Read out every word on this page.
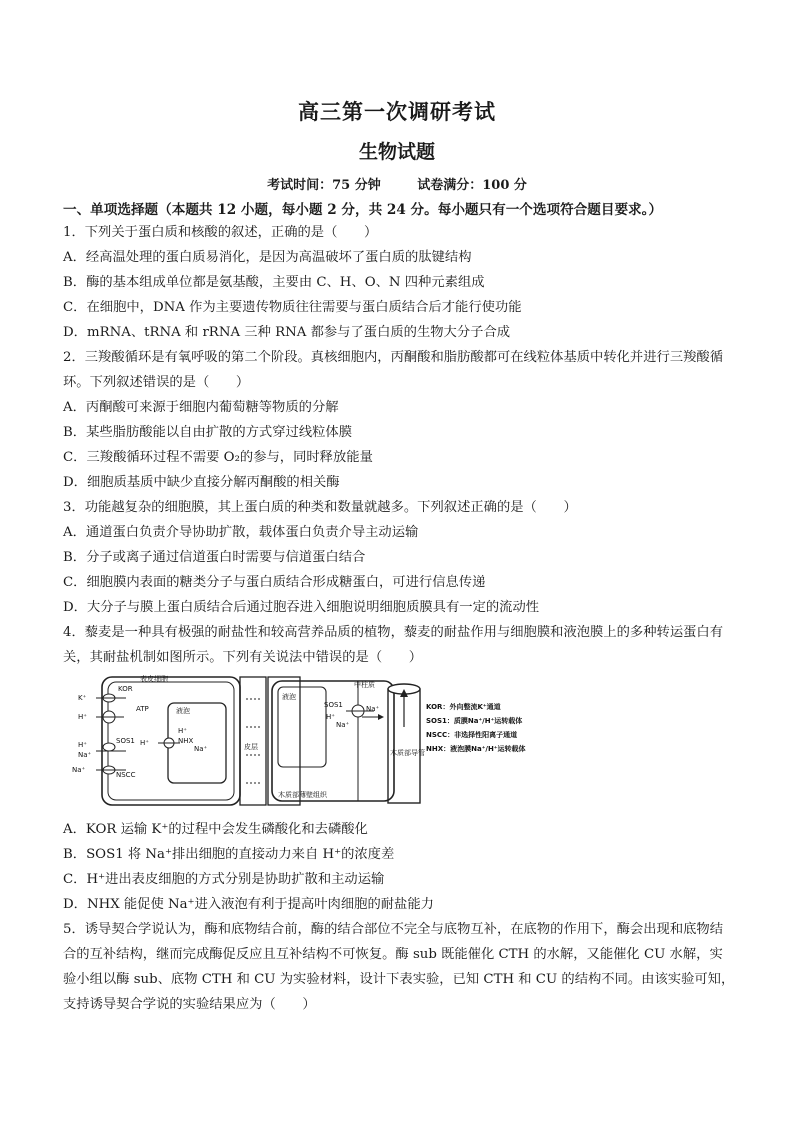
高三第一次调研考试
生物试题
考试时间：75 分钟	试卷满分：100 分
一、单项选择题（本题共 12 小题，每小题 2 分，共 24 分。每小题只有一个选项符合题目要求。）
1．下列关于蛋白质和核酸的叙述，正确的是（　　）
A．经高温处理的蛋白质易消化，是因为高温破坏了蛋白质的肽键结构
B．酶的基本组成单位都是氨基酸，主要由 C、H、O、N 四种元素组成
C．在细胞中，DNA 作为主要遗传物质往往需要与蛋白质结合后才能行使功能
D．mRNA、tRNA 和 rRNA 三种 RNA 都参与了蛋白质的生物大分子合成
2．三羧酸循环是有氧呼吸的第二个阶段。真核细胞内，丙酮酸和脂肪酸都可在线粒体基质中转化并进行三羧酸循环。下列叙述错误的是（　　）
A．丙酮酸可来源于细胞内葡萄糖等物质的分解
B．某些脂肪酸能以自由扩散的方式穿过线粒体膜
C．三羧酸循环过程不需要 O₂的参与，同时释放能量
D．细胞质基质中缺少直接分解丙酮酸的相关酶
3．功能越复杂的细胞膜，其上蛋白质的种类和数量就越多。下列叙述正确的是（　　）
A．通道蛋白负责介导协助扩散，载体蛋白负责介导主动运输
B．分子或离子通过信道蛋白时需要与信道蛋白结合
C．细胞膜内表面的糖类分子与蛋白质结合形成糖蛋白，可进行信息传递
D．大分子与膜上蛋白质结合后通过胞吞进入细胞说明细胞质膜具有一定的流动性
4．藜麦是一种具有极强的耐盐性和较高营养品质的植物，藜麦的耐盐作用与细胞膜和液泡膜上的多种转运蛋白有关，其耐盐机制如图所示。下列有关说法中错误的是（　　）
表皮细胞
液泡
液泡
皮层
中柱质
木质部导管
木质部薄壁组织
KOR
SOS1
SOS1
NSCC
NHX
ATP
K⁺
H⁺
H⁺
Na⁺
Na⁺
H⁺
Na⁺
H⁺
Na⁺
H⁺
Na⁺
KOR：外向整流K⁺通道
SOS1：质膜Na⁺/H⁺运转载体
NSCC：非选择性阳离子通道
NHX：液泡膜Na⁺/H⁺运转载体
A．KOR 运输 K⁺的过程中会发生磷酸化和去磷酸化
B．SOS1 将 Na⁺排出细胞的直接动力来自 H⁺的浓度差
C．H⁺进出表皮细胞的方式分别是协助扩散和主动运输
D．NHX 能促使 Na⁺进入液泡有利于提高叶肉细胞的耐盐能力
5．诱导契合学说认为，酶和底物结合前，酶的结合部位不完全与底物互补，在底物的作用下，酶会出现和底物结合的互补结构，继而完成酶促反应且互补结构不可恢复。酶 sub 既能催化 CTH 的水解，又能催化 CU 水解，实验小组以酶 sub、底物 CTH 和 CU 为实验材料，设计下表实验，已知 CTH 和 CU 的结构不同。由该实验可知，支持诱导契合学说的实验结果应为（　　）
